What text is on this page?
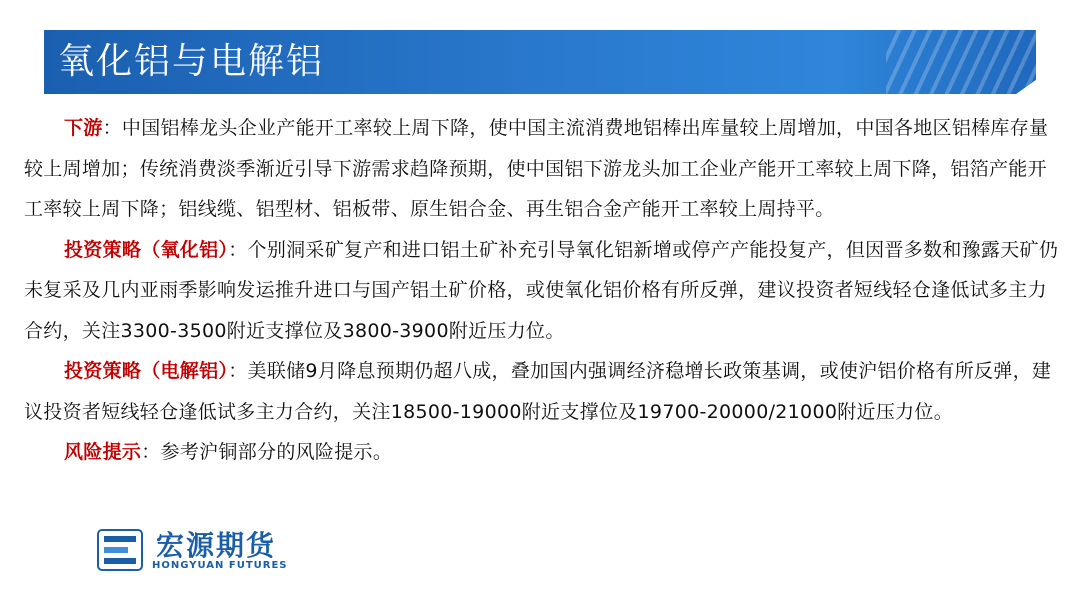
氧化铝与电解铝

下游：中国铝棒龙头企业产能开工率较上周下降，使中国主流消费地铝棒出库量较上周增加，中国各地区铝棒库存量较上周增加；传统消费淡季渐近引导下游需求趋降预期，使中国铝下游龙头加工企业产能开工率较上周下降，铝箔产能开工率较上周下降；铝线缆、铝型材、铝板带、原生铝合金、再生铝合金产能开工率较上周持平。

投资策略（氧化铝）：个别洞采矿复产和进口铝土矿补充引导氧化铝新增或停产产能投复产，但因晋多数和豫露天矿仍未复采及几内亚雨季影响发运推升进口与国产铝土矿价格，或使氧化铝价格有所反弹，建议投资者短线轻仓逢低试多主力合约，关注3300-3500附近支撑位及3800-3900附近压力位。

投资策略（电解铝）：美联储9月降息预期仍超八成，叠加国内强调经济稳增长政策基调，或使沪铝价格有所反弹，建议投资者短线轻仓逢低试多主力合约，关注18500-19000附近支撑位及19700-20000/21000附近压力位。

风险提示：参考沪铜部分的风险提示。

宏源期货
HONGYUAN FUTURES
